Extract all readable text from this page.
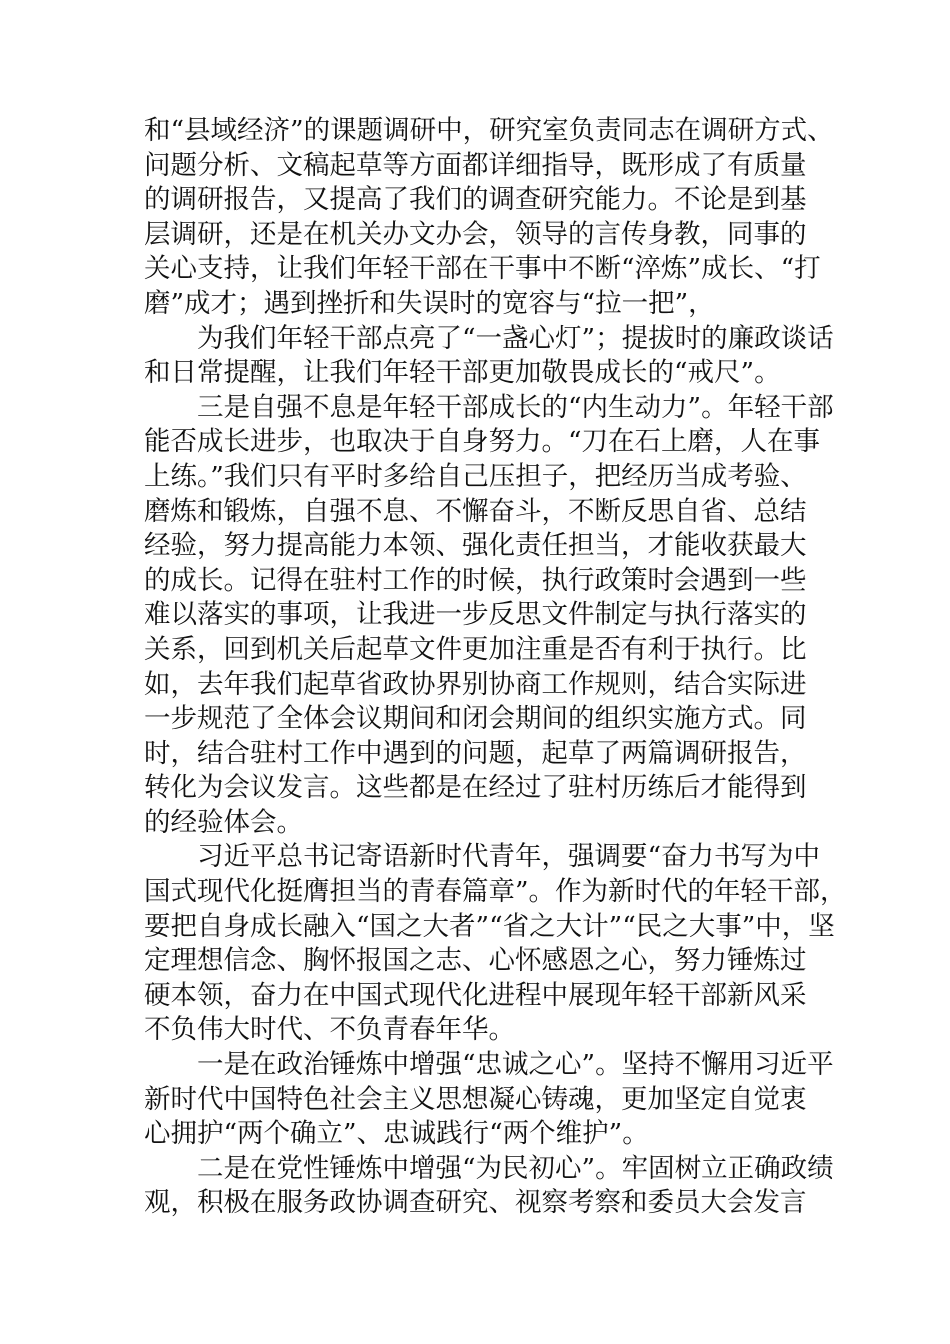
和“县域经济”的课题调研中，研究室负责同志在调研方式、
问题分析、文稿起草等方面都详细指导，既形成了有质量
的调研报告，又提高了我们的调查研究能力。不论是到基
层调研，还是在机关办文办会，领导的言传身教，同事的
关心支持，让我们年轻干部在干事中不断“淬炼”成长、“打
磨”成才；遇到挫折和失误时的宽容与“拉一把”，
为我们年轻干部点亮了“一盏心灯”；提拔时的廉政谈话
和日常提醒，让我们年轻干部更加敬畏成长的“戒尺”。
三是自强不息是年轻干部成长的“内生动力”。年轻干部
能否成长进步，也取决于自身努力。“刀在石上磨，人在事
上练。”我们只有平时多给自己压担子，把经历当成考验、
磨炼和锻炼，自强不息、不懈奋斗，不断反思自省、总结
经验，努力提高能力本领、强化责任担当，才能收获最大
的成长。记得在驻村工作的时候，执行政策时会遇到一些
难以落实的事项，让我进一步反思文件制定与执行落实的
关系，回到机关后起草文件更加注重是否有利于执行。比
如，去年我们起草省政协界别协商工作规则，结合实际进
一步规范了全体会议期间和闭会期间的组织实施方式。同
时，结合驻村工作中遇到的问题，起草了两篇调研报告，
转化为会议发言。这些都是在经过了驻村历练后才能得到
的经验体会。
习近平总书记寄语新时代青年，强调要“奋力书写为中
国式现代化挺膺担当的青春篇章”。作为新时代的年轻干部，
要把自身成长融入“国之大者”“省之大计”“民之大事”中，坚
定理想信念、胸怀报国之志、心怀感恩之心，努力锤炼过
硬本领，奋力在中国式现代化进程中展现年轻干部新风采
不负伟大时代、不负青春年华。
一是在政治锤炼中增强“忠诚之心”。坚持不懈用习近平
新时代中国特色社会主义思想凝心铸魂，更加坚定自觉衷
心拥护“两个确立”、忠诚践行“两个维护”。
二是在党性锤炼中增强“为民初心”。牢固树立正确政绩
观，积极在服务政协调查研究、视察考察和委员大会发言
